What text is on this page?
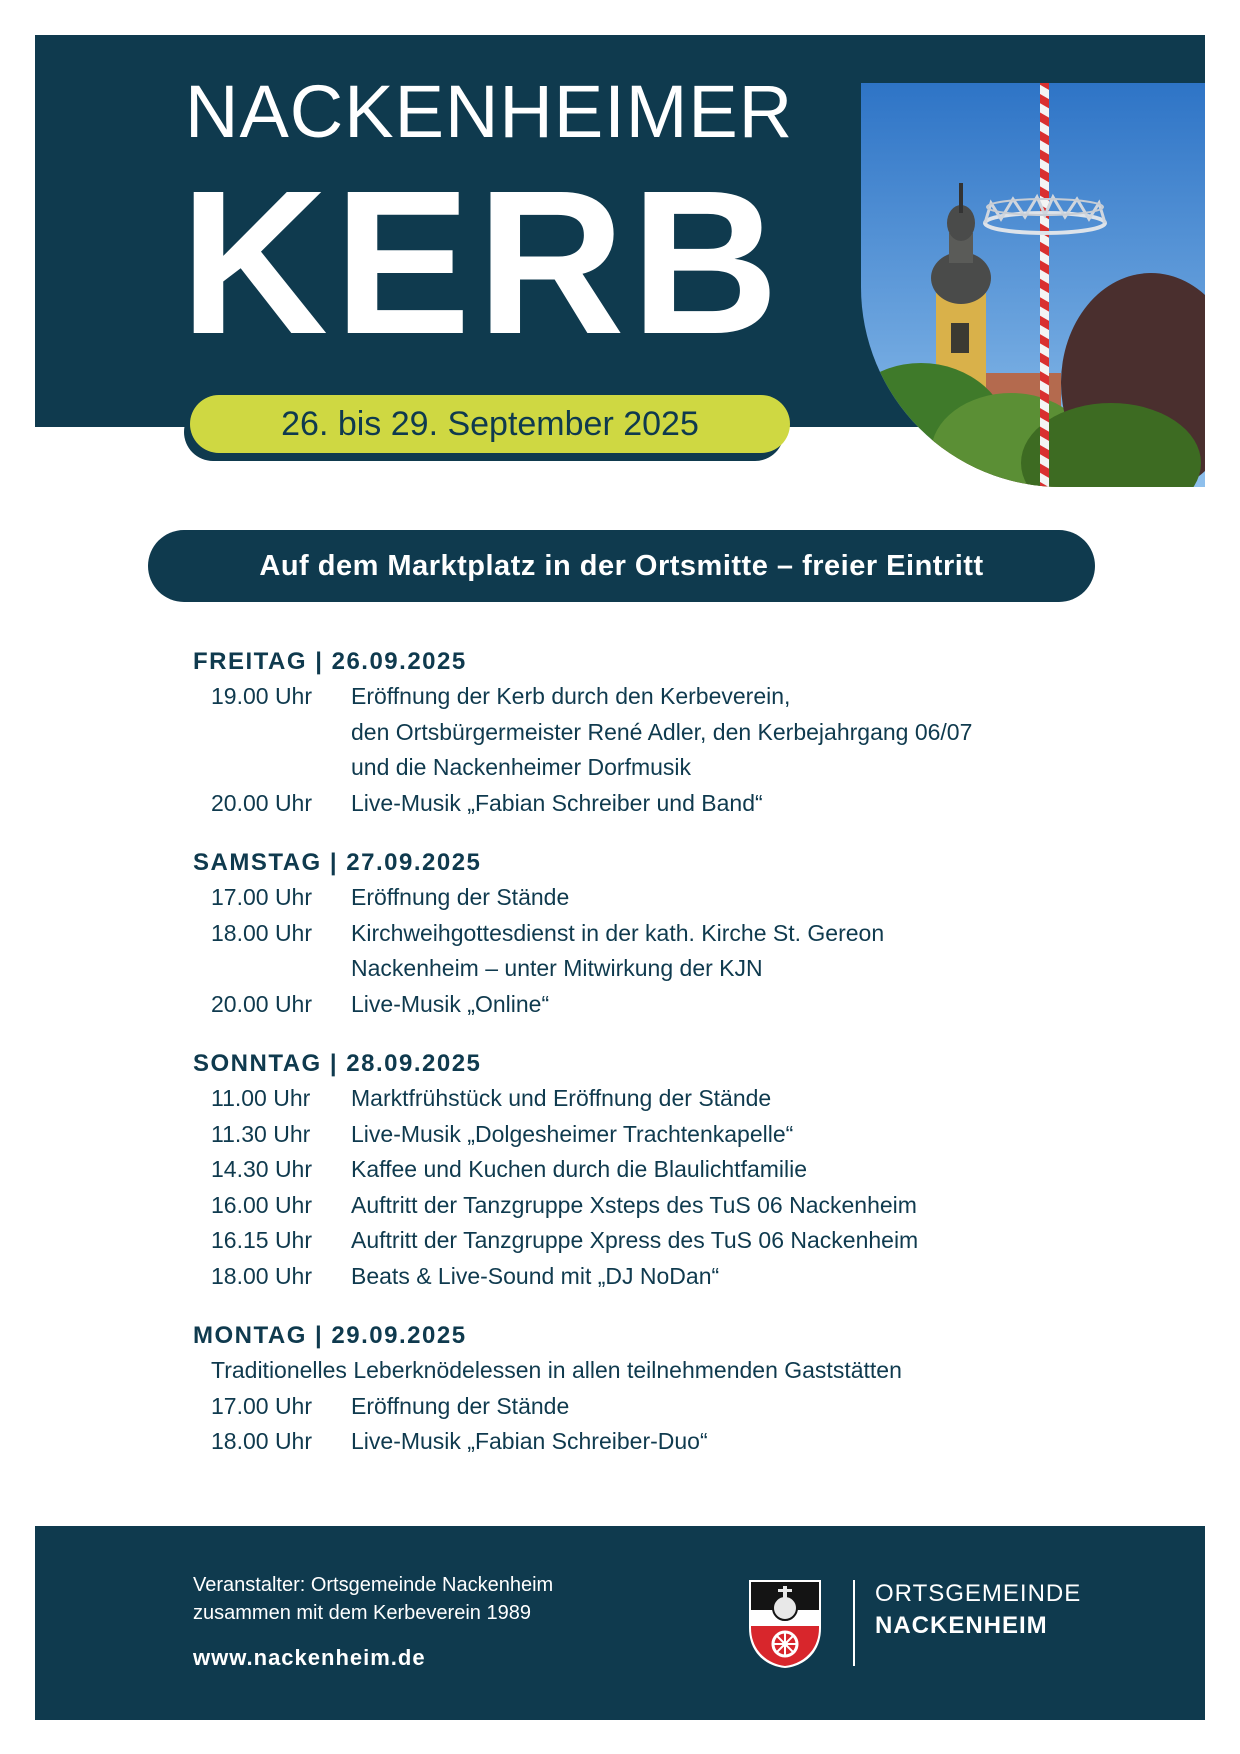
NACKENHEIMER
KERB
26. bis 29. September 2025
Auf dem Marktplatz in der Ortsmitte – freier Eintritt
FREITAG | 26.09.2025
19.00 Uhr	Eröffnung der Kerb durch den Kerbeverein,
den Ortsbürgermeister René Adler, den Kerbejahrgang 06/07
und die Nackenheimer Dorfmusik
20.00 Uhr	Live-Musik „Fabian Schreiber und Band“
SAMSTAG | 27.09.2025
17.00 Uhr	Eröffnung der Stände
18.00 Uhr	Kirchweihgottesdienst in der kath. Kirche St. Gereon
Nackenheim – unter Mitwirkung der KJN
20.00 Uhr	Live-Musik „Online“
SONNTAG | 28.09.2025
11.00 Uhr	Marktfrühstück und Eröffnung der Stände
11.30 Uhr	Live-Musik „Dolgesheimer Trachtenkapelle“
14.30 Uhr	Kaffee und Kuchen durch die Blaulichtfamilie
16.00 Uhr	Auftritt der Tanzgruppe Xsteps des TuS 06 Nackenheim
16.15 Uhr	Auftritt der Tanzgruppe Xpress des TuS 06 Nackenheim
18.00 Uhr	Beats & Live-Sound mit „DJ NoDan“
MONTAG | 29.09.2025
Traditionelles Leberknödelessen in allen teilnehmenden Gaststätten
17.00 Uhr	Eröffnung der Stände
18.00 Uhr	Live-Musik „Fabian Schreiber-Duo“
Veranstalter: Ortsgemeinde Nackenheim
zusammen mit dem Kerbeverein 1989
www.nackenheim.de
ORTSGEMEINDE
NACKENHEIM
